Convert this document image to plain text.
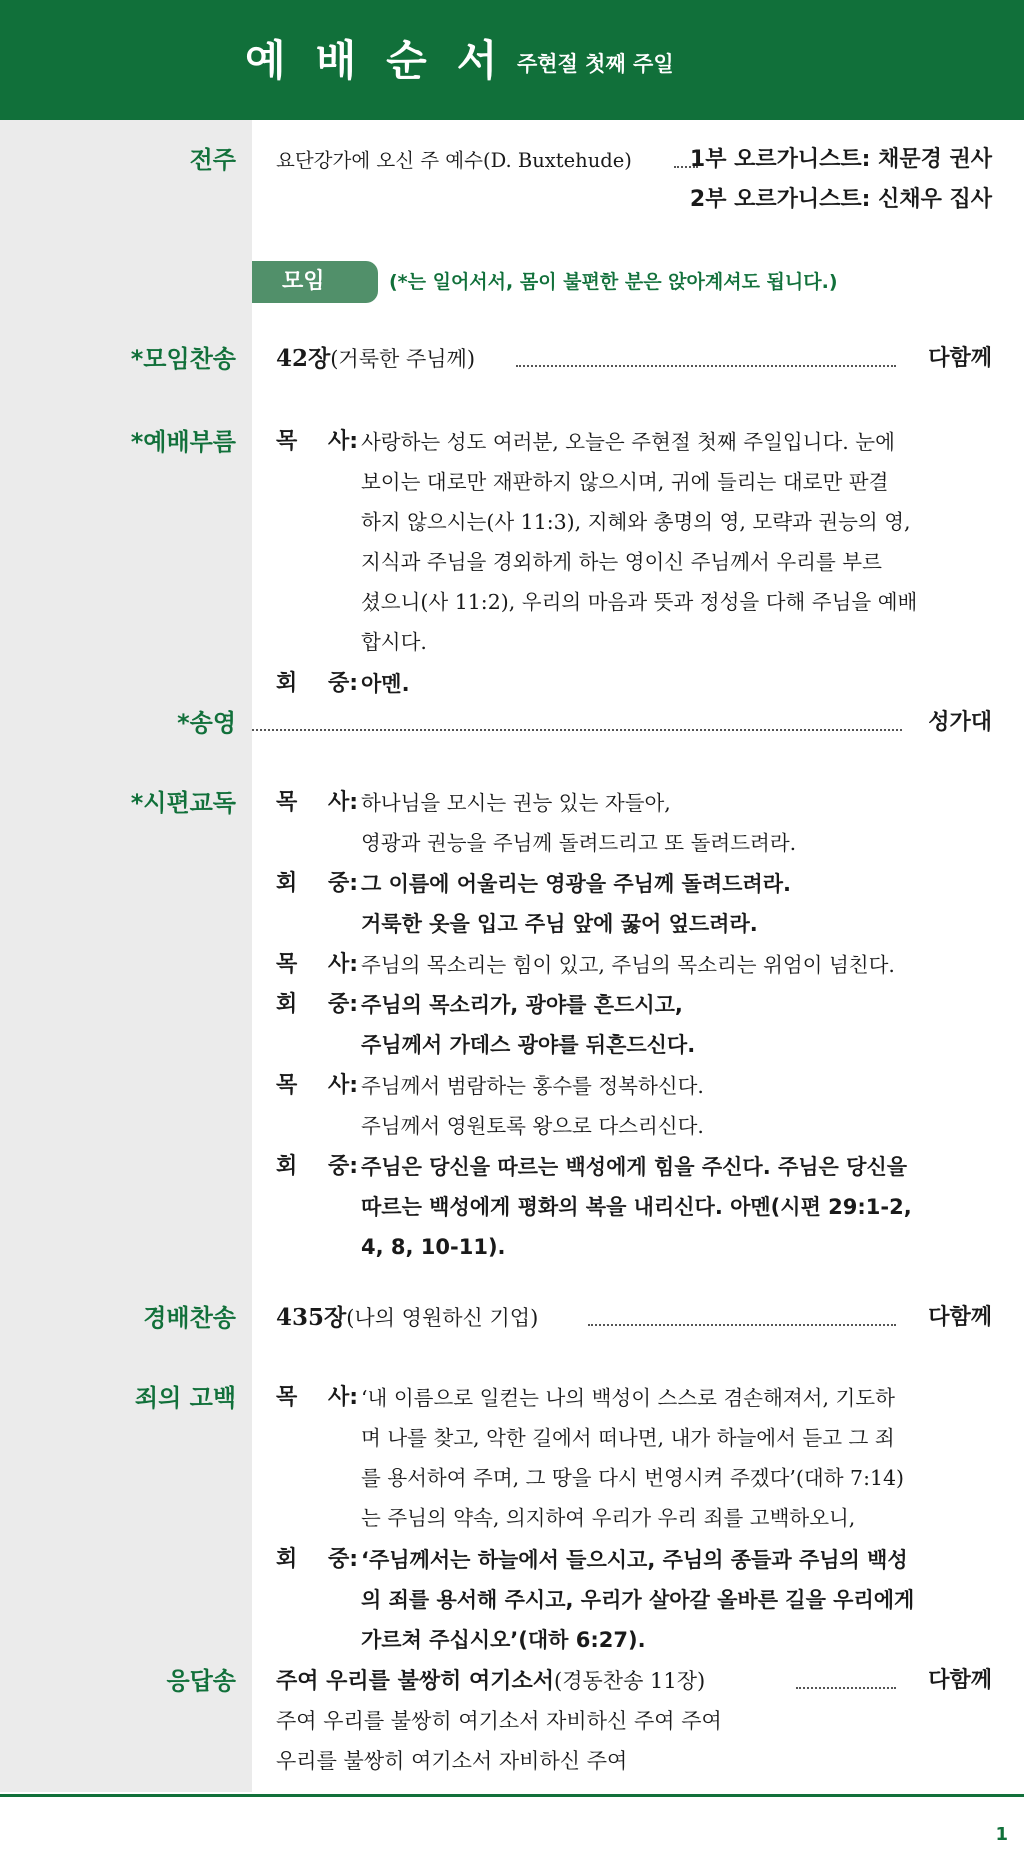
예배순서
주현절 첫째 주일
전주 요단강가에 오신 주 예수(D. Buxtehude)	1부 오르가니스트: 채문경 권사
2부 오르가니스트: 신채우 집사
모임	(*는 일어서서, 몸이 불편한 분은 앉아계셔도 됩니다.)
*모임찬송 42장(거룩한 주님께)	다함께
*예배부름 목 사: 사랑하는 성도 여러분, 오늘은 주현절 첫째 주일입니다. 눈에
보이는 대로만 재판하지 않으시며, 귀에 들리는 대로만 판결
하지 않으시는(사 11:3), 지혜와 총명의 영, 모략과 권능의 영,
지식과 주님을 경외하게 하는 영이신 주님께서 우리를 부르
셨으니(사 11:2), 우리의 마음과 뜻과 정성을 다해 주님을 예배
합시다.
회 중: 아멘.
*송영	성가대
*시편교독 목 사: 하나님을 모시는 권능 있는 자들아,
영광과 권능을 주님께 돌려드리고 또 돌려드려라.
회 중: 그 이름에 어울리는 영광을 주님께 돌려드려라.
거룩한 옷을 입고 주님 앞에 꿇어 엎드려라.
목 사: 주님의 목소리는 힘이 있고, 주님의 목소리는 위엄이 넘친다.
회 중: 주님의 목소리가, 광야를 흔드시고,
주님께서 가데스 광야를 뒤흔드신다.
목 사: 주님께서 범람하는 홍수를 정복하신다.
주님께서 영원토록 왕으로 다스리신다.
회 중: 주님은 당신을 따르는 백성에게 힘을 주신다. 주님은 당신을
따르는 백성에게 평화의 복을 내리신다. 아멘(시편 29:1-2,
4, 8, 10-11).
경배찬송 435장(나의 영원하신 기업)	다함께
죄의 고백 목 사: ‘내 이름으로 일컫는 나의 백성이 스스로 겸손해져서, 기도하
며 나를 찾고, 악한 길에서 떠나면, 내가 하늘에서 듣고 그 죄
를 용서하여 주며, 그 땅을 다시 번영시켜 주겠다’(대하 7:14)
는 주님의 약속, 의지하여 우리가 우리 죄를 고백하오니,
회 중: ‘주님께서는 하늘에서 들으시고, 주님의 종들과 주님의 백성
의 죄를 용서해 주시고, 우리가 살아갈 올바른 길을 우리에게
가르쳐 주십시오’(대하 6:27).
응답송 주여 우리를 불쌍히 여기소서(경동찬송 11장)	다함께
주여 우리를 불쌍히 여기소서 자비하신 주여 주여
우리를 불쌍히 여기소서 자비하신 주여
1
